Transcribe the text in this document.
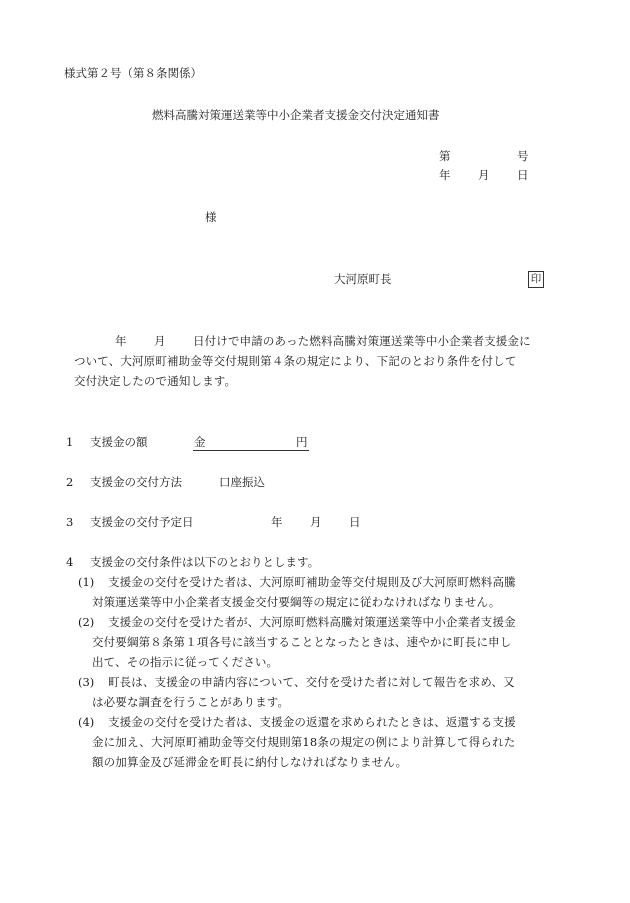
様式第２号（第８条関係）
燃料高騰対策運送業等中小企業者支援金交付決定通知書
第	号
年 月 日
様
大河原町長	印
年 月 日付けで申請のあった燃料高騰対策運送業等中小企業者支援金に
ついて、大河原町補助金等交付規則第４条の規定により、下記のとおり条件を付して
交付決定したので通知します。
1 支援金の額	金	円
2 支援金の交付方法	口座振込
3 支援金の交付予定日	年 月 日
4 支援金の交付条件は以下のとおりとします。
(1) 支援金の交付を受けた者は、大河原町補助金等交付規則及び大河原町燃料高騰
対策運送業等中小企業者支援金交付要綱等の規定に従わなければなりません。
(2) 支援金の交付を受けた者が、大河原町燃料高騰対策運送業等中小企業者支援金
交付要綱第８条第１項各号に該当することとなったときは、速やかに町長に申し
出て、その指示に従ってください。
(3) 町長は、支援金の申請内容について、交付を受けた者に対して報告を求め、又
は必要な調査を行うことがあります。
(4) 支援金の交付を受けた者は、支援金の返還を求められたときは、返還する支援
金に加え、大河原町補助金等交付規則第18条の規定の例により計算して得られた
額の加算金及び延滞金を町長に納付しなければなりません。
